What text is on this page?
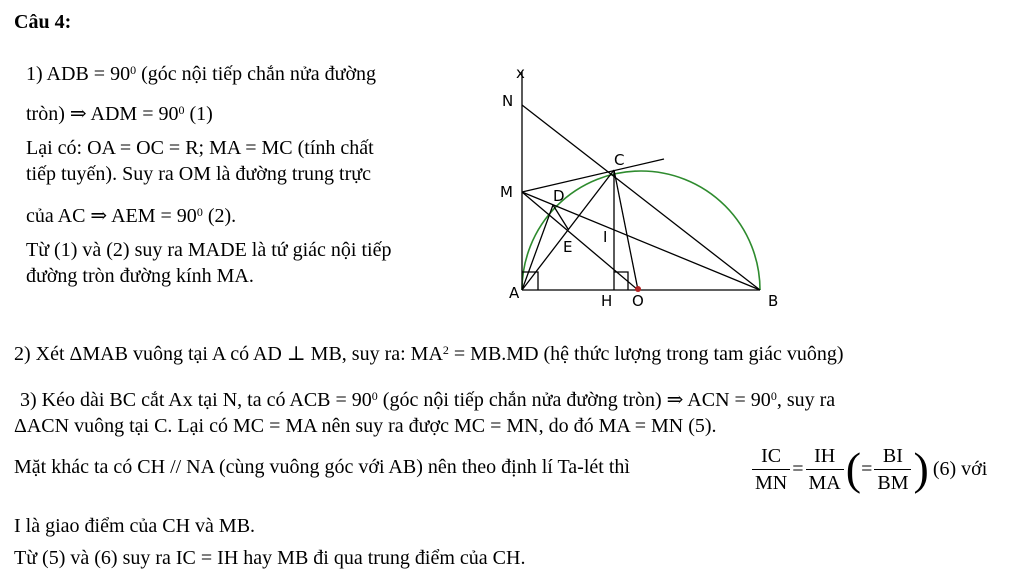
Câu 4:
1) ADB = $90^0$ (góc nội tiếp chắn nửa đường
tròn) ⇒ ADM = $90^0$ (1)
Lại có: OA = OC = R; MA = MC (tính chất
tiếp tuyến). Suy ra OM là đường trung trực
của AC ⇒ AEM = $90^0$ (2).
Từ (1) và (2) suy ra MADE là tứ giác nội tiếp
đường tròn đường kính MA.
x
N
C
M	D
E
I
A	H O	B
2) Xét ΔMAB vuông tại A có AD ⊥ MB, suy ra: $MA^2 = MB.MD$ (hệ thức lượng trong tam giác vuông)
3) Kéo dài BC cắt Ax tại N, ta có ACB = $90^0$ (góc nội tiếp chắn nửa đường tròn) ⇒ ACN = $90^0$, suy ra
ΔACN vuông tại C. Lại có MC = MA nên suy ra được MC = MN, do đó MA = MN (5).
Mặt khác ta có CH // NA (cùng vuông góc với AB) nên theo định lí Ta-lét thì	$\frac{IC}{MN} = \frac{IH}{MA}$ ( = $\frac{BI}{BM}$ ) (6) với
I là giao điểm của CH và MB.
Từ (5) và (6) suy ra IC = IH hay MB đi qua trung điểm của CH.
